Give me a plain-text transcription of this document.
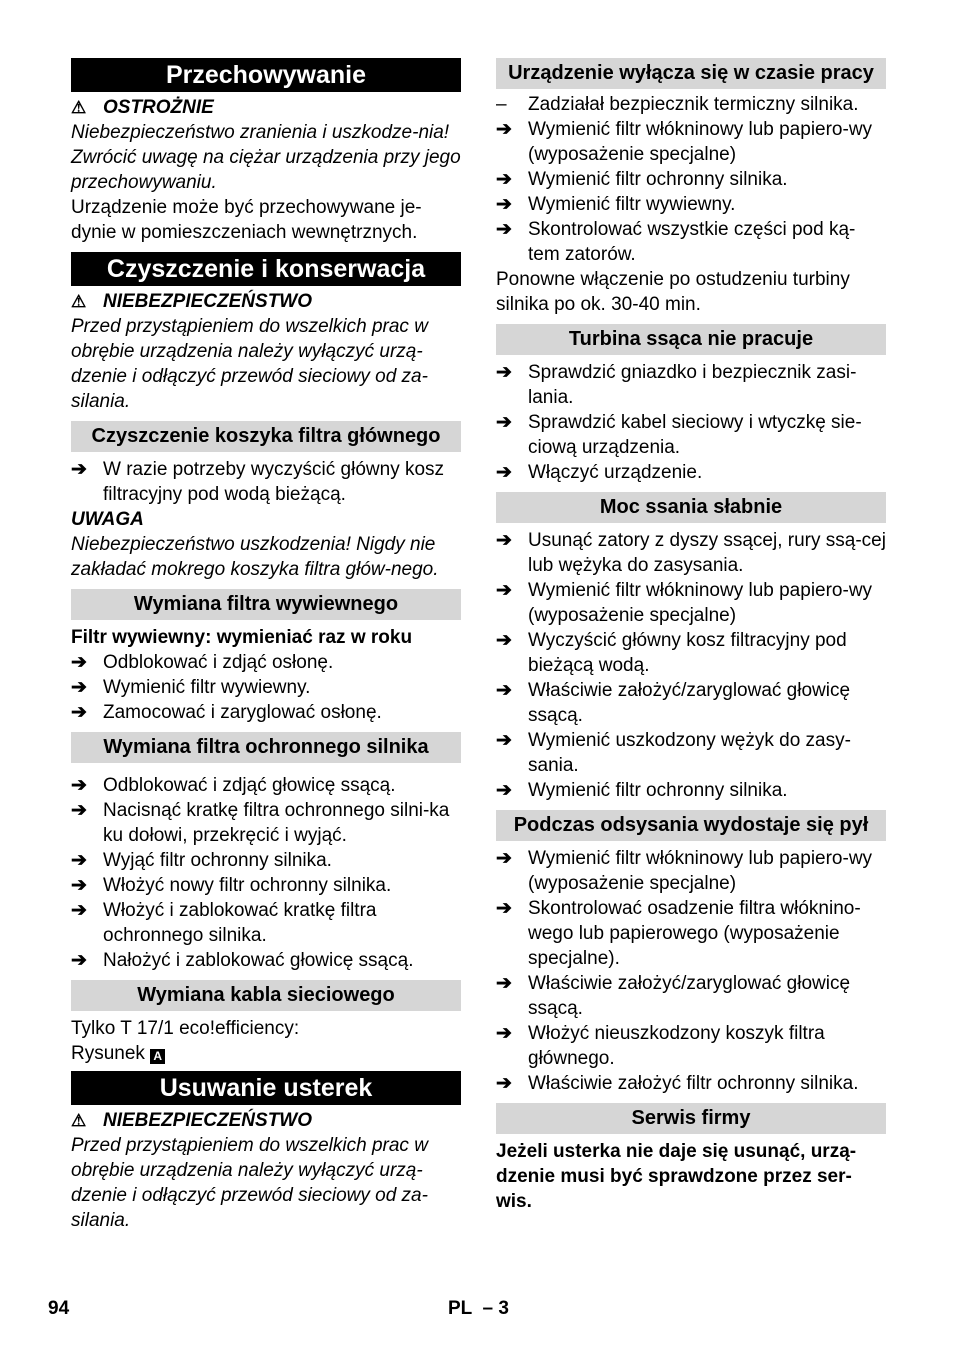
Przechowywanie
⚠ OSTROŻNIE

Niebezpieczeństwo zranienia i uszkodze-nia! Zwrócić uwagę na ciężar urządzenia przy jego przechowywaniu.

Urządzenie może być przechowywane je-dynie w pomieszczeniach wewnętrznych.

Czyszczenie i konserwacja
⚠ NIEBEZPIECZEŃSTWO

Przed przystąpieniem do wszelkich prac w obrębie urządzenia należy wyłączyć urzą-dzenie i odłączyć przewód sieciowy od za-silania.

Czyszczenie koszyka filtra głównego
➔ W razie potrzeby wyczyścić główny kosz filtracyjny pod wodą bieżącą.

UWAGA

Niebezpieczeństwo uszkodzenia! Nigdy nie zakładać mokrego koszyka filtra głów-nego.

Wymiana filtra wywiewnego

Filtr wywiewny: wymieniać raz w roku

➔ Odblokować i zdjąć osłonę.
➔ Wymienić filtr wywiewny.
➔ Zamocować i zaryglować osłonę.
Wymiana filtra ochronnego silnika
➔ Odblokować i zdjąć głowicę ssącą.
➔ Nacisnąć kratkę filtra ochronnego silni-ka ku dołowi, przekręcić i wyjąć.
➔ Wyjąć filtr ochronny silnika.
➔ Włożyć nowy filtr ochronny silnika.
➔ Włożyć i zablokować kratkę filtra ochronnego silnika.
➔ Nałożyć i zablokować głowicę ssącą.
Wymiana kabla sieciowego

Tylko T 17/1 eco!efficiency:

Rysunek A

Usuwanie usterek
⚠ NIEBEZPIECZEŃSTWO

Przed przystąpieniem do wszelkich prac w obrębie urządzenia należy wyłączyć urzą-dzenie i odłączyć przewód sieciowy od za-silania.

Urządzenie wyłącza się w czasie pracy
–	Zadziałał bezpiecznik termiczny silnika.
➔ Wymienić filtr włókninowy lub papiero-wy (wyposażenie specjalne)
➔ Wymienić filtr ochronny silnika.
➔ Wymienić filtr wywiewny.
➔ Skontrolować wszystkie części pod ką-tem zatorów.

Ponowne włączenie po ostudzeniu turbiny silnika po ok. 30-40 min.

Turbina ssąca nie pracuje
➔ Sprawdzić gniazdko i bezpiecznik zasi-lania.
➔ Sprawdzić kabel sieciowy i wtyczkę sie-ciową urządzenia.
➔ Włączyć urządzenie.
Moc ssania słabnie
➔ Usunąć zatory z dyszy ssącej, rury ssą-cej lub wężyka do zasysania.
➔ Wymienić filtr włókninowy lub papiero-wy (wyposażenie specjalne)
➔ Wyczyścić główny kosz filtracyjny pod bieżącą wodą.
➔ Właściwie założyć/zaryglować głowicę ssącą.
➔ Wymienić uszkodzony wężyk do zasy-sania.
➔ Wymienić filtr ochronny silnika.
Podczas odsysania wydostaje się pył
➔ Wymienić filtr włókninowy lub papiero-wy (wyposażenie specjalne)
➔ Skontrolować osadzenie filtra włóknino-wego lub papierowego (wyposażenie specjalne).
➔ Właściwie założyć/zaryglować głowicę ssącą.
➔ Włożyć nieuszkodzony koszyk filtra głównego.
➔ Właściwie założyć filtr ochronny silnika.
Serwis firmy

Jeżeli usterka nie daje się usunąć, urzą-dzenie musi być sprawdzone przez ser-wis.

94	PL  – 3
